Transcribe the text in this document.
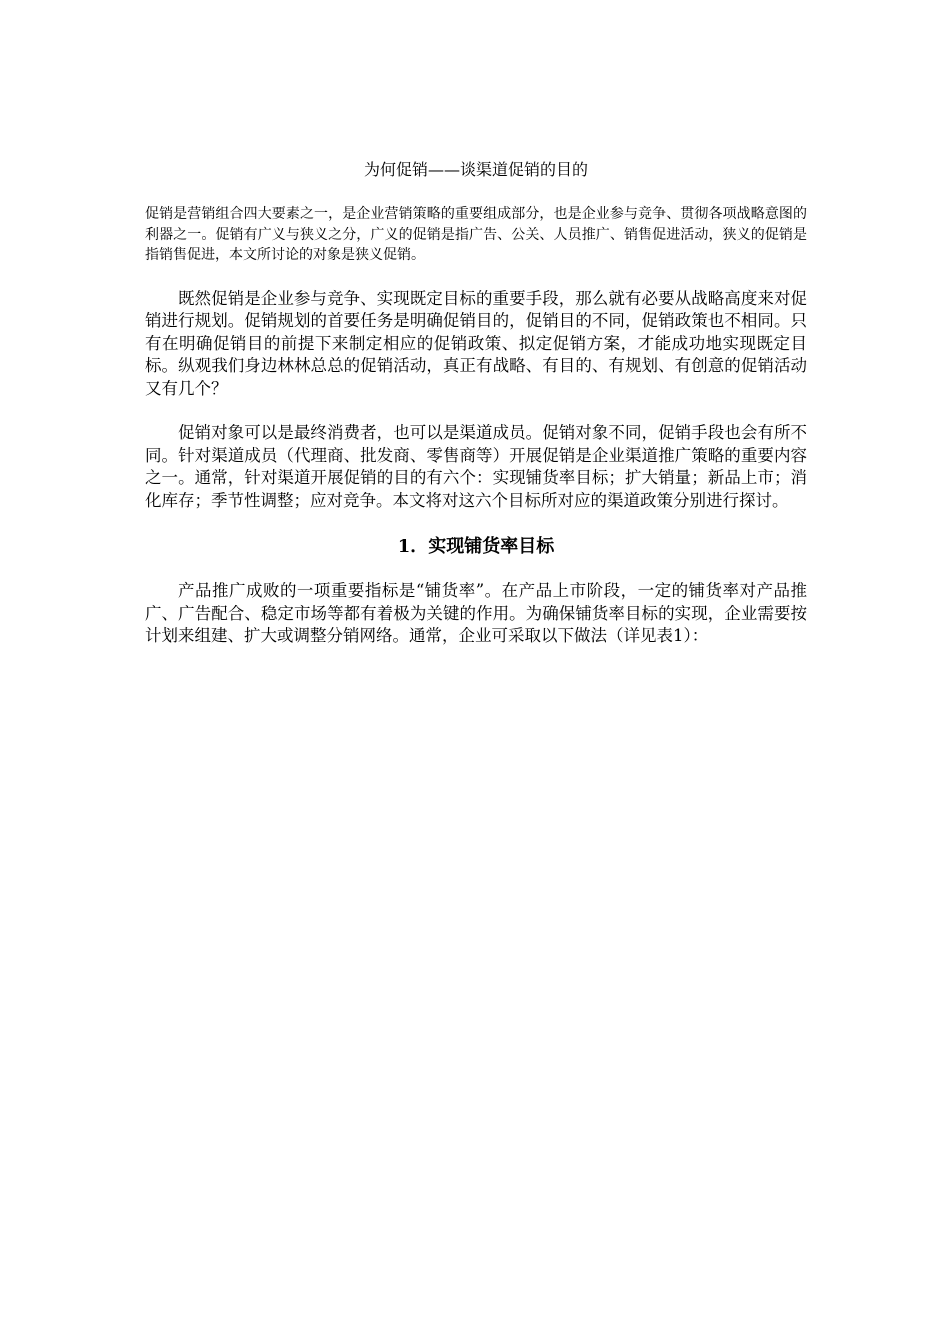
为何促销——谈渠道促销的目的
促销是营销组合四大要素之一，是企业营销策略的重要组成部分，也是企业参与竞争、贯彻各项战略意图的利器之一。促销有广义与狭义之分，广义的促销是指广告、公关、人员推广、销售促进活动，狭义的促销是指销售促进，本文所讨论的对象是狭义促销。
既然促销是企业参与竞争、实现既定目标的重要手段，那么就有必要从战略高度来对促销进行规划。促销规划的首要任务是明确促销目的，促销目的不同，促销政策也不相同。只有在明确促销目的前提下来制定相应的促销政策、拟定促销方案，才能成功地实现既定目标。纵观我们身边林林总总的促销活动，真正有战略、有目的、有规划、有创意的促销活动又有几个？
促销对象可以是最终消费者，也可以是渠道成员。促销对象不同，促销手段也会有所不同。针对渠道成员（代理商、批发商、零售商等）开展促销是企业渠道推广策略的重要内容之一。通常，针对渠道开展促销的目的有六个：实现铺货率目标；扩大销量；新品上市；消化库存；季节性调整；应对竞争。本文将对这六个目标所对应的渠道政策分别进行探讨。
1．实现铺货率目标
产品推广成败的一项重要指标是“铺货率”。在产品上市阶段，一定的铺货率对产品推广、广告配合、稳定市场等都有着极为关键的作用。为确保铺货率目标的实现，企业需要按计划来组建、扩大或调整分销网络。通常，企业可采取以下做法（详见表1）：
